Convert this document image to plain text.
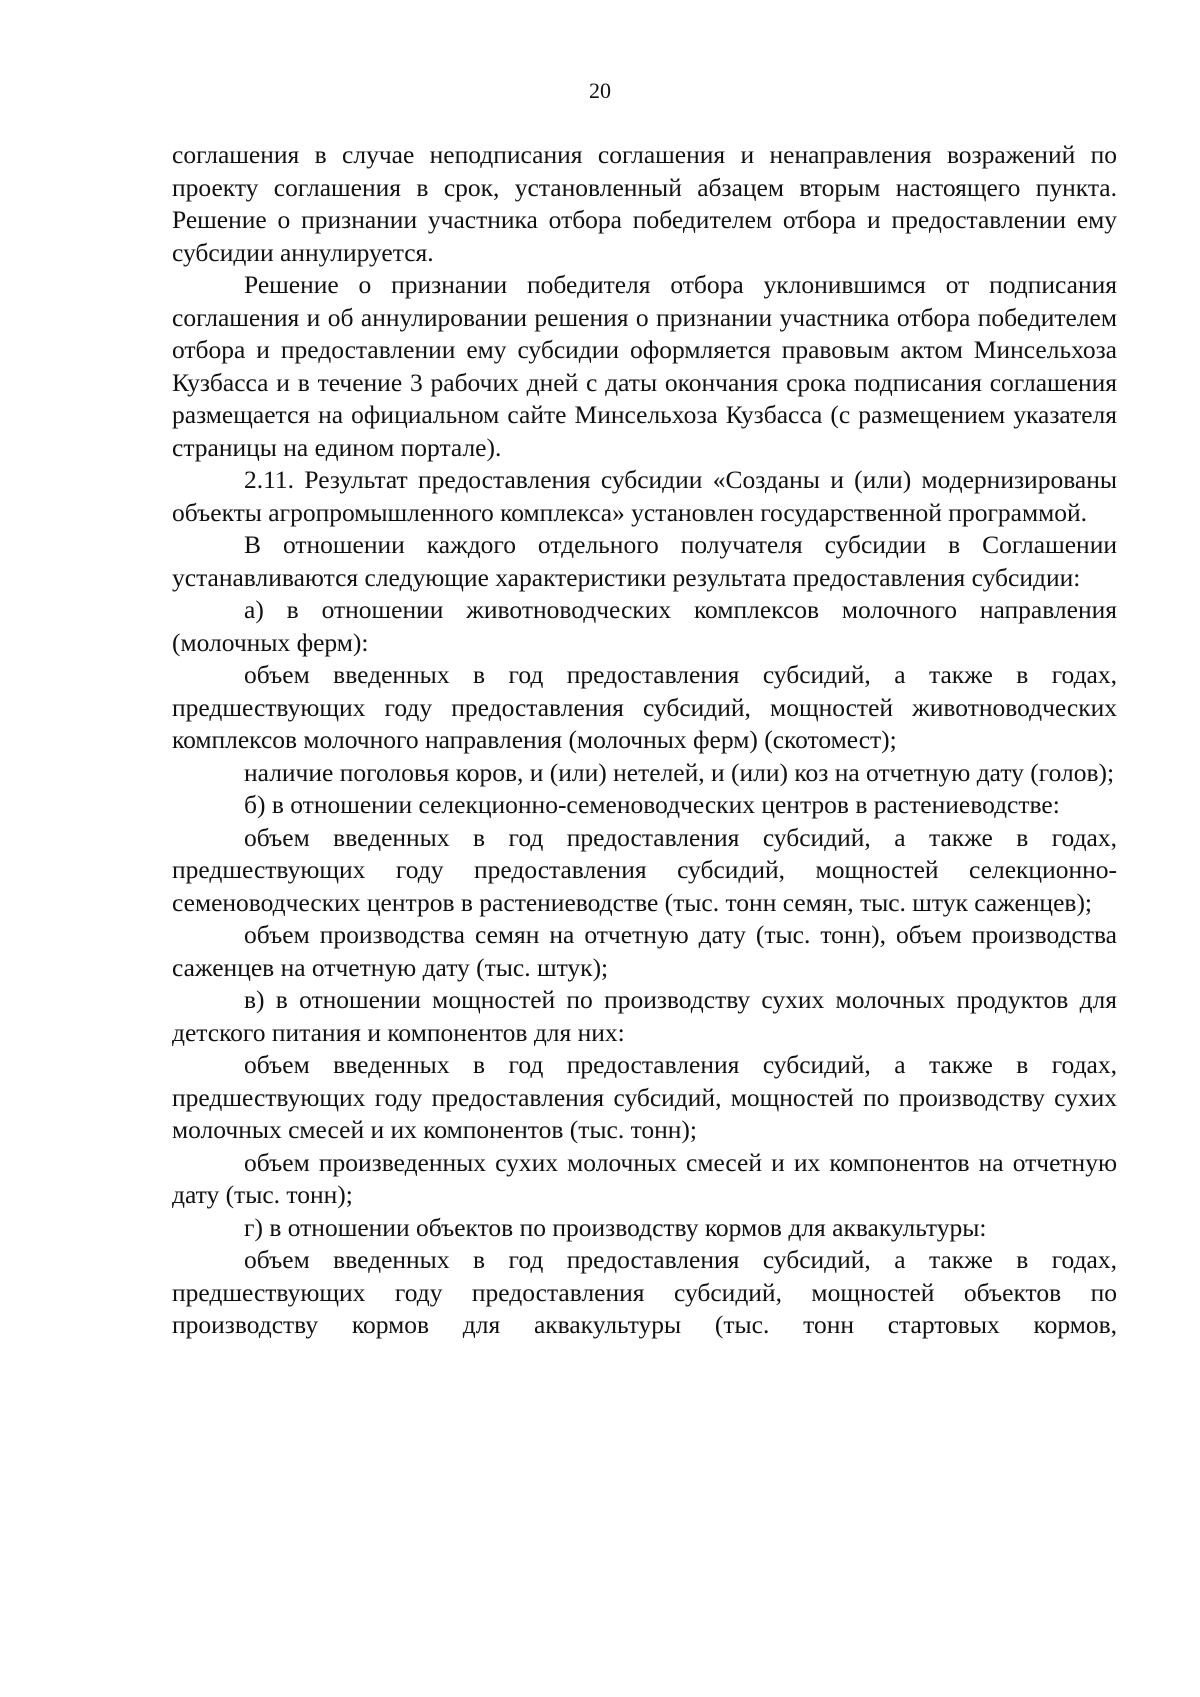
20

соглашения в случае неподписания соглашения и ненаправления возражений по проекту соглашения в срок, установленный абзацем вторым настоящего пункта. Решение о признании участника отбора победителем отбора и предоставлении ему субсидии аннулируется.

Решение о признании победителя отбора уклонившимся от подписания соглашения и об аннулировании решения о признании участника отбора победителем отбора и предоставлении ему субсидии оформляется правовым актом Минсельхоза Кузбасса и в течение 3 рабочих дней с даты окончания срока подписания соглашения размещается на официальном сайте Минсельхоза Кузбасса (с размещением указателя страницы на едином портале).

2.11. Результат предоставления субсидии «Созданы и (или) модернизированы объекты агропромышленного комплекса» установлен государственной программой.

В отношении каждого отдельного получателя субсидии в Соглашении устанавливаются следующие характеристики результата предоставления субсидии:

а) в отношении животноводческих комплексов молочного направления (молочных ферм):

объем введенных в год предоставления субсидий, а также в годах, предшествующих году предоставления субсидий, мощностей животноводческих комплексов молочного направления (молочных ферм) (скотомест);

наличие поголовья коров, и (или) нетелей, и (или) коз на отчетную дату (голов);

б) в отношении селекционно-семеноводческих центров в растениеводстве:

объем введенных в год предоставления субсидий, а также в годах, предшествующих году предоставления субсидий, мощностей селекционно-семеноводческих центров в растениеводстве (тыс. тонн семян, тыс. штук саженцев);

объем производства семян на отчетную дату (тыс. тонн), объем производства саженцев на отчетную дату (тыс. штук);

в) в отношении мощностей по производству сухих молочных продуктов для детского питания и компонентов для них:

объем введенных в год предоставления субсидий, а также в годах, предшествующих году предоставления субсидий, мощностей по производству сухих молочных смесей и их компонентов (тыс. тонн);

объем произведенных сухих молочных смесей и их компонентов на отчетную дату (тыс. тонн);

г) в отношении объектов по производству кормов для аквакультуры:

объем введенных в год предоставления субсидий, а также в годах, предшествующих году предоставления субсидий, мощностей объектов по производству кормов для аквакультуры (тыс. тонн стартовых кормов,
